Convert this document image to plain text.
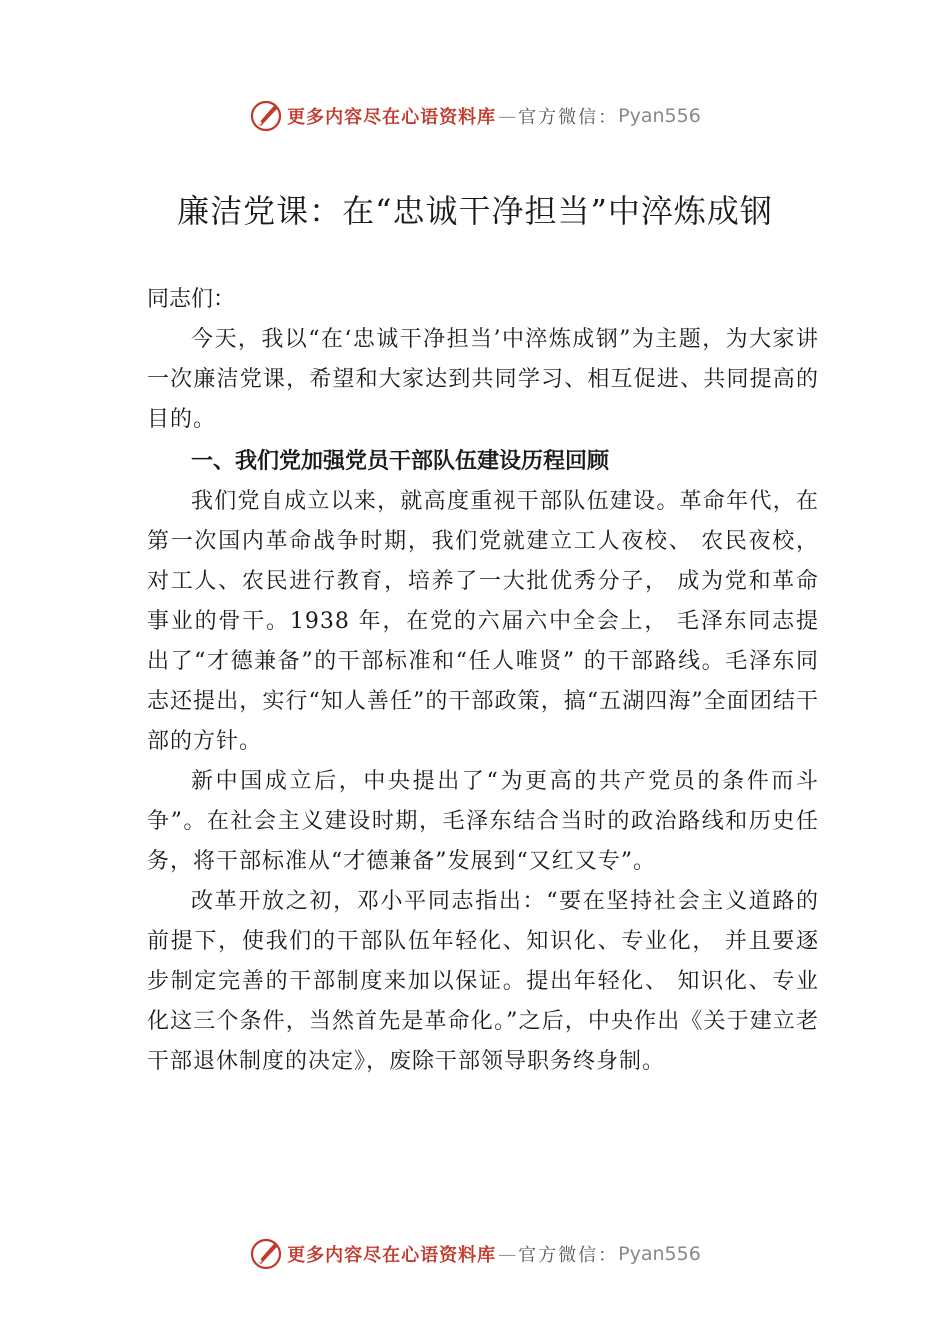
更多内容尽在心语资料库 — 官方微信： Pyan556
廉洁党课：在“忠诚干净担当”中淬炼成钢

同志们：

今天，我以“在‘忠诚干净担当’中淬炼成钢”为主题，为大家讲一次廉洁党课，希望和大家达到共同学习、相互促进、共同提高的目的。

一、我们党加强党员干部队伍建设历程回顾

我们党自成立以来，就高度重视干部队伍建设。革命年代，在第一次国内革命战争时期，我们党就建立工人夜校、 农民夜校，对工人、农民进行教育，培养了一大批优秀分子， 成为党和革命事业的骨干。1938 年，在党的六届六中全会上， 毛泽东同志提出了“才德兼备”的干部标准和“任人唯贤” 的干部路线。毛泽东同志还提出，实行“知人善任”的干部政策，搞“五湖四海”全面团结干部的方针。

新中国成立后，中央提出了“为更高的共产党员的条件而斗争”。在社会主义建设时期，毛泽东结合当时的政治路线和历史任务，将干部标准从“才德兼备”发展到“又红又专”。

改革开放之初，邓小平同志指出：“要在坚持社会主义道路的前提下，使我们的干部队伍年轻化、知识化、专业化， 并且要逐步制定完善的干部制度来加以保证。提出年轻化、 知识化、专业化这三个条件，当然首先是革命化。”之后，中央作出《关于建立老干部退休制度的决定》，废除干部领导职务终身制。

更多内容尽在心语资料库 — 官方微信： Pyan556
